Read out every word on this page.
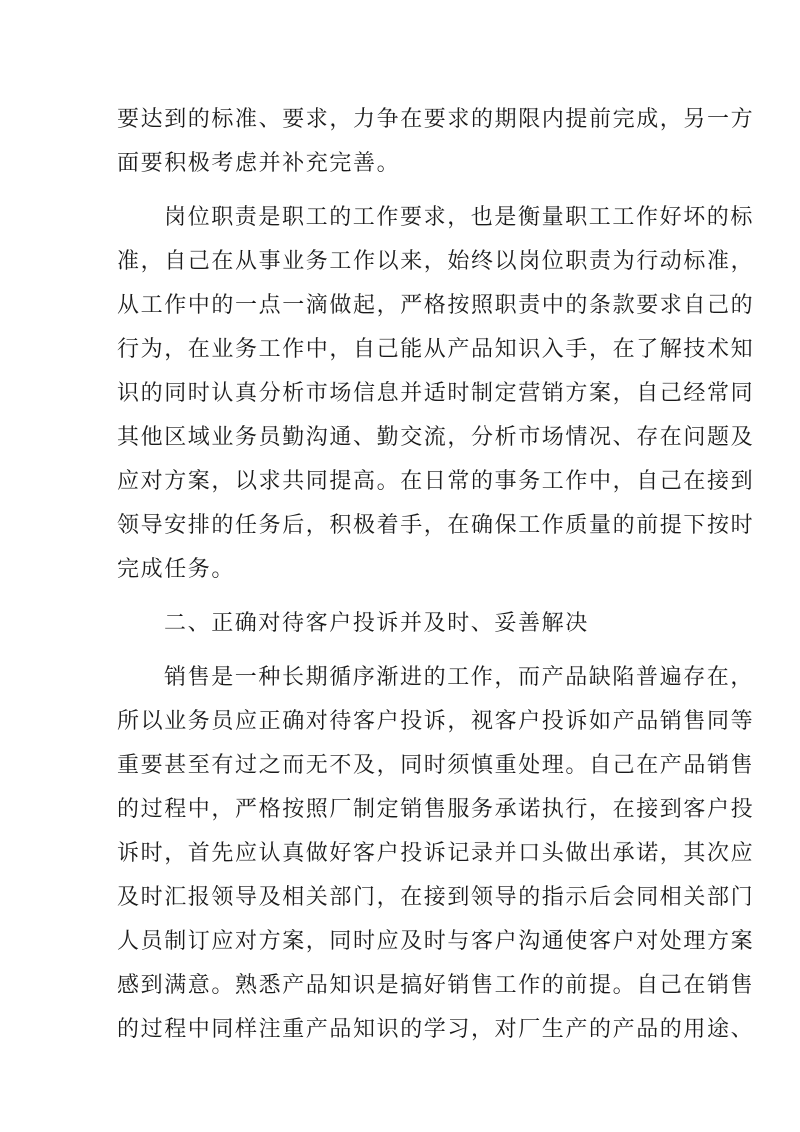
要达到的标准、要求，力争在要求的期限内提前完成，另一方
面要积极考虑并补充完善。
岗位职责是职工的工作要求，也是衡量职工工作好坏的标
准，自己在从事业务工作以来，始终以岗位职责为行动标准，
从工作中的一点一滴做起，严格按照职责中的条款要求自己的
行为，在业务工作中，自己能从产品知识入手，在了解技术知
识的同时认真分析市场信息并适时制定营销方案，自己经常同
其他区域业务员勤沟通、勤交流，分析市场情况、存在问题及
应对方案，以求共同提高。在日常的事务工作中，自己在接到
领导安排的任务后，积极着手，在确保工作质量的前提下按时
完成任务。
二、正确对待客户投诉并及时、妥善解决
销售是一种长期循序渐进的工作，而产品缺陷普遍存在，
所以业务员应正确对待客户投诉，视客户投诉如产品销售同等
重要甚至有过之而无不及，同时须慎重处理。自己在产品销售
的过程中，严格按照厂制定销售服务承诺执行，在接到客户投
诉时，首先应认真做好客户投诉记录并口头做出承诺，其次应
及时汇报领导及相关部门，在接到领导的指示后会同相关部门
人员制订应对方案，同时应及时与客户沟通使客户对处理方案
感到满意。熟悉产品知识是搞好销售工作的前提。自己在销售
的过程中同样注重产品知识的学习，对厂生产的产品的用途、
